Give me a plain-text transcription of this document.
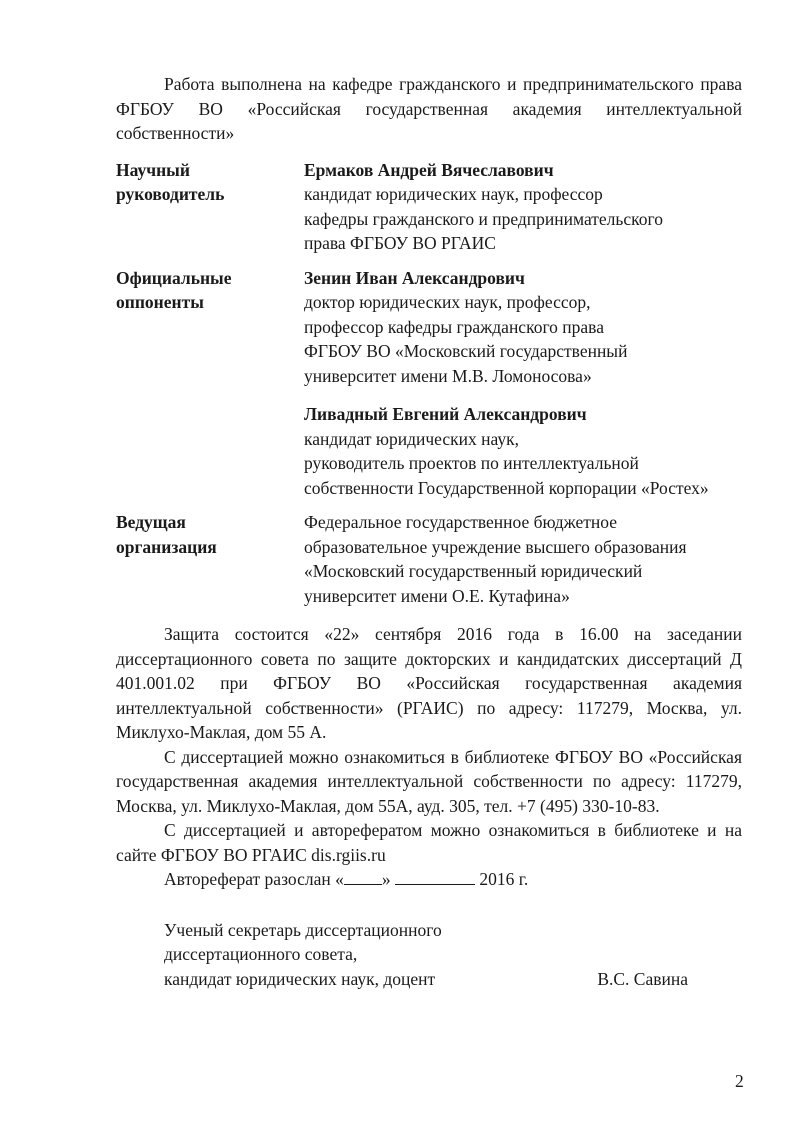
Работа выполнена на кафедре гражданского и предпринимательского права ФГБОУ ВО «Российская государственная академия интеллектуальной собственности»

Научный
руководитель
Ермаков Андрей Вячеславович
кандидат юридических наук, профессор
кафедры гражданского и предпринимательского
права ФГБОУ ВО РГАИС
Официальные
оппоненты
Зенин Иван Александрович
доктор юридических наук, профессор,
профессор кафедры гражданского права
ФГБОУ ВО «Московский государственный
университет имени М.В. Ломоносова»
Ливадный Евгений Александрович
кандидат юридических наук,
руководитель проектов по интеллектуальной
собственности Государственной корпорации «Ростех»
Ведущая
организация
Федеральное государственное бюджетное
образовательное учреждение высшего образования
«Московский государственный юридический
университет имени О.Е. Кутафина»

Защита состоится «22» сентября 2016 года в 16.00 на заседании диссертационного совета по защите докторских и кандидатских диссертаций Д 401.001.02 при ФГБОУ ВО «Российская государственная академия интеллектуальной собственности» (РГАИС) по адресу: 117279, Москва, ул. Миклухо-Маклая, дом 55 А.

С диссертацией можно ознакомиться в библиотеке ФГБОУ ВО «Российская государственная академия интеллектуальной собственности по адресу: 117279, Москва, ул. Миклухо-Маклая, дом 55А, ауд. 305, тел. +7 (495) 330-10-83.

С диссертацией и авторефератом можно ознакомиться в библиотеке и на сайте ФГБОУ ВО РГАИС dis.rgiis.ru

Автореферат разослан « »	2016 г.

Ученый секретарь диссертационного
диссертационного совета,
кандидат юридических наук, доцент	В.С. Савина
2
